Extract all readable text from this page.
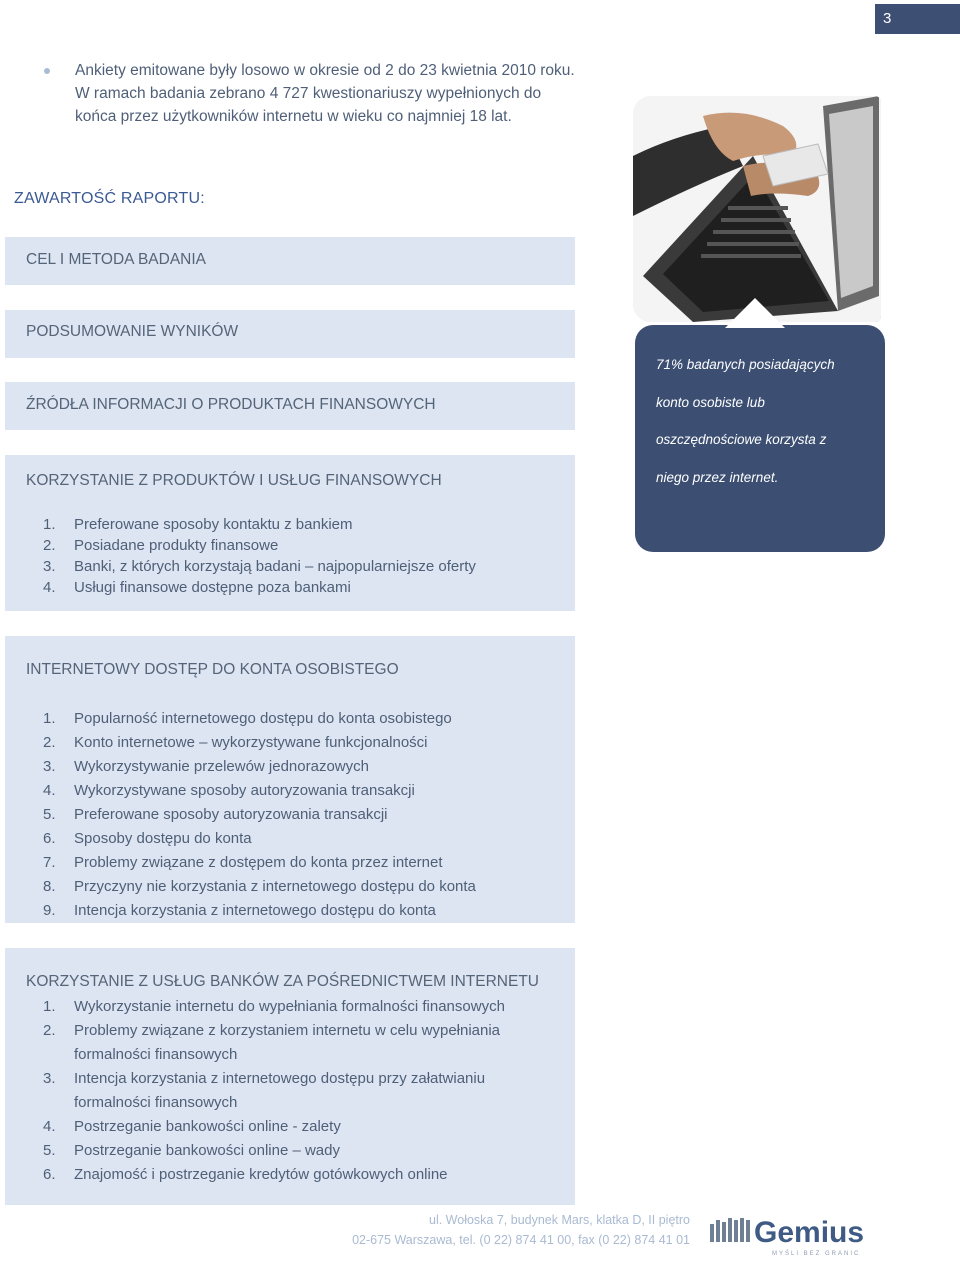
3
Ankiety emitowane były losowo w okresie od 2 do 23 kwietnia 2010 roku. W ramach badania zebrano 4 727 kwestionariuszy wypełnionych do końca przez użytkowników internetu w wieku co najmniej 18 lat.
ZAWARTOŚĆ RAPORTU:
CEL I METODA BADANIA
PODSUMOWANIE WYNIKÓW
ŹRÓDŁA INFORMACJI O PRODUKTACH FINANSOWYCH
KORZYSTANIE Z PRODUKTÓW I USŁUG FINANSOWYCH
1. Preferowane sposoby kontaktu z bankiem
2. Posiadane produkty finansowe
3. Banki, z których korzystają badani – najpopularniejsze oferty
4. Usługi finansowe dostępne poza bankami
INTERNETOWY DOSTĘP DO KONTA OSOBISTEGO
1. Popularność internetowego dostępu do konta osobistego
2. Konto internetowe – wykorzystywane funkcjonalności
3. Wykorzystywanie przelewów jednorazowych
4. Wykorzystywane sposoby autoryzowania transakcji
5. Preferowane sposoby autoryzowania transakcji
6. Sposoby dostępu do konta
7. Problemy związane z dostępem do konta przez internet
8. Przyczyny nie korzystania z internetowego dostępu do konta
9. Intencja korzystania z internetowego dostępu do konta
KORZYSTANIE Z USŁUG BANKÓW ZA POŚREDNICTWEM INTERNETU
1. Wykorzystanie internetu do wypełniania formalności finansowych
2. Problemy związane z korzystaniem internetu w celu wypełniania formalności finansowych
3. Intencja korzystania z internetowego dostępu przy załatwianiu formalności finansowych
4. Postrzeganie bankowości online - zalety
5. Postrzeganie bankowości online – wady
6. Znajomość i postrzeganie kredytów gotówkowych online
71% badanych posiadających
konto osobiste lub
oszczędnościowe korzysta z
niego przez internet.
ul. Wołoska 7, budynek Mars, klatka D, II piętro
02-675 Warszawa, tel. (0 22) 874 41 00, fax (0 22) 874 41 01 Gemius
MYŚLI BEZ GRANIC
